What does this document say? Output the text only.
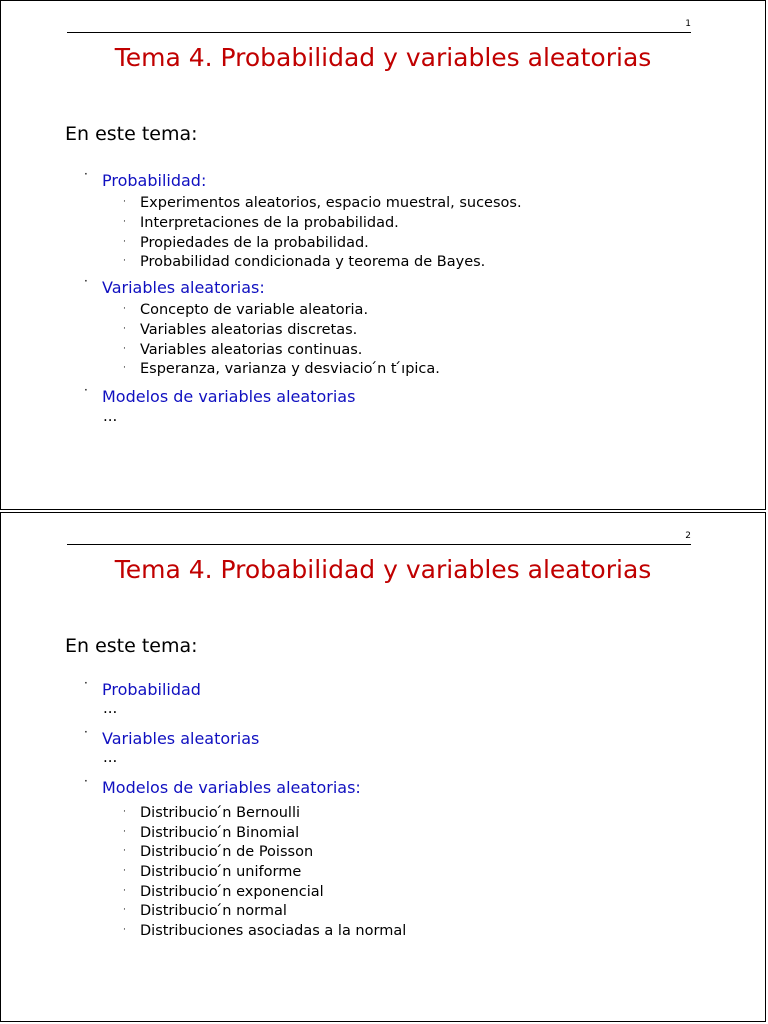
1
Tema 4. Probabilidad y variables aleatorias
En este tema:
· Probabilidad:
· Experimentos aleatorios, espacio muestral, sucesos.
· Interpretaciones de la probabilidad.
· Propiedades de la probabilidad.
· Probabilidad condicionada y teorema de Bayes.
· Variables aleatorias:
· Concepto de variable aleatoria.
· Variables aleatorias discretas.
· Variables aleatorias continuas.
· Esperanza, varianza y desviacio ́n t ́ıpica.
· Modelos de variables aleatorias
...
2
Tema 4. Probabilidad y variables aleatorias
En este tema:
· Probabilidad
...
· Variables aleatorias
...
· Modelos de variables aleatorias:
· Distribucio ́n Bernoulli
· Distribucio ́n Binomial
· Distribucio ́n de Poisson
· Distribucio ́n uniforme
· Distribucio ́n exponencial
· Distribucio ́n normal
· Distribuciones asociadas a la normal
